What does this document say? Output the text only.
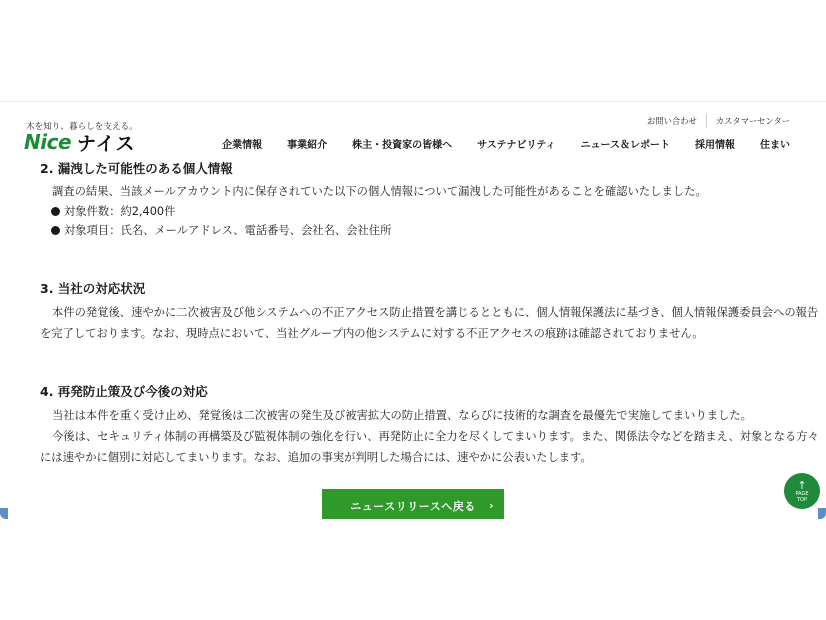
2. 漏洩した可能性のある個人情報
調査の結果、当該メールアカウント内に保存されていた以下の個人情報について漏洩した可能性があることを確認いたしました。
対象件数：約2,400件
対象項目：氏名、メールアドレス、電話番号、会社名、会社住所
3. 当社の対応状況
本件の発覚後、速やかに二次被害及び他システムへの不正アクセス防止措置を講じるとともに、個人情報保護法に基づき、個人情報保護委員会への報告
を完了しております。なお、現時点において、当社グループ内の他システムに対する不正アクセスの痕跡は確認されておりません。
4. 再発防止策及び今後の対応
当社は本件を重く受け止め、発覚後は二次被害の発生及び被害拡大の防止措置、ならびに技術的な調査を最優先で実施してまいりました。
今後は、セキュリティ体制の再構築及び監視体制の強化を行い、再発防止に全力を尽くしてまいります。また、関係法令などを踏まえ、対象となる方々
には速やかに個別に対応してまいります。なお、追加の事実が判明した場合には、速やかに公表いたします。
ニュースリリースへ戻る ›
木を知り、暮らしを支える。
Nice ナイス
お問い合わせ カスタマーセンター
企業情報	事業紹介	株主・投資家の皆様へ	サステナビリティ	ニュース＆レポート	採用情報	住まい
↑
PAGE
TOP
